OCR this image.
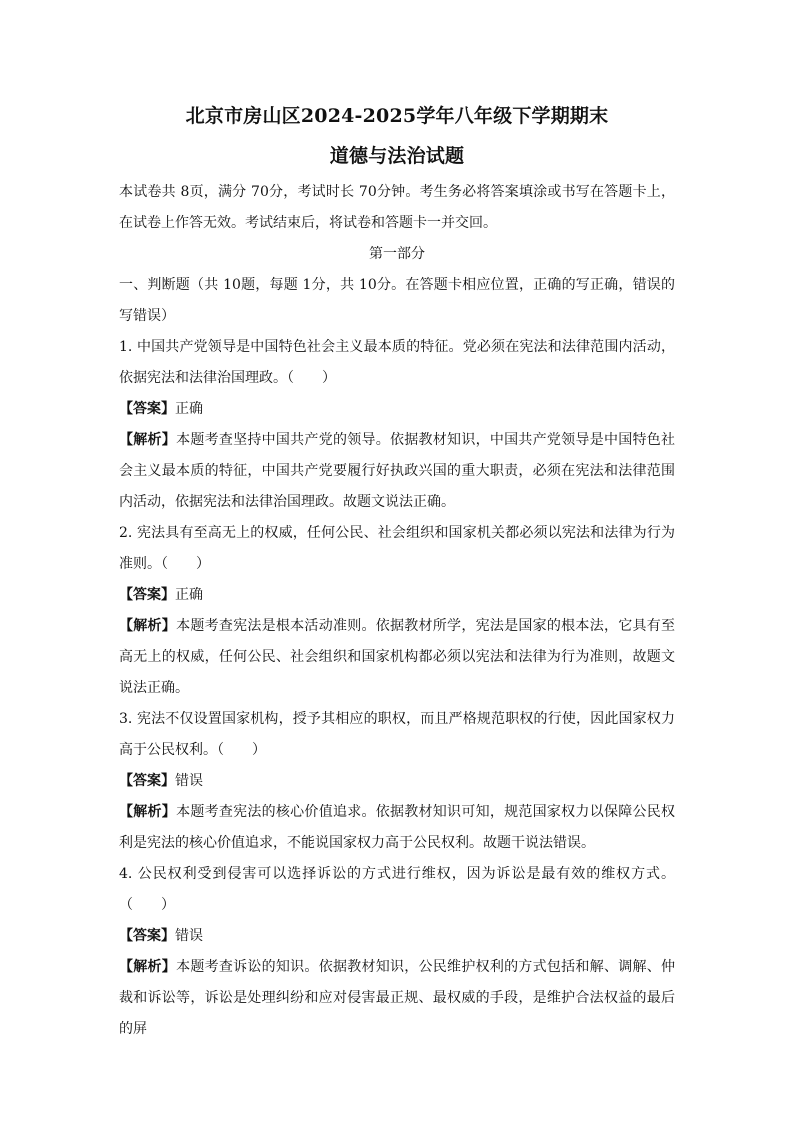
北京市房山区2024-2025学年八年级下学期期末
道德与法治试题

本试卷共 8页，满分 70分，考试时长 70分钟。考生务必将答案填涂或书写在答题卡上，在试卷上作答无效。考试结束后，将试卷和答题卡一并交回。

第一部分

一、判断题（共 10题，每题 1分，共 10分。在答题卡相应位置，正确的写正确，错误的写错误）

1. 中国共产党领导是中国特色社会主义最本质的特征。党必须在宪法和法律范围内活动，依据宪法和法律治国理政。（　　）

【答案】正确

【解析】本题考查坚持中国共产党的领导。依据教材知识，中国共产党领导是中国特色社会主义最本质的特征，中国共产党要履行好执政兴国的重大职责，必须在宪法和法律范围内活动，依据宪法和法律治国理政。故题文说法正确。

2. 宪法具有至高无上的权威，任何公民、社会组织和国家机关都必须以宪法和法律为行为准则。（　　）

【答案】正确

【解析】本题考查宪法是根本活动准则。依据教材所学，宪法是国家的根本法，它具有至高无上的权威，任何公民、社会组织和国家机构都必须以宪法和法律为行为准则，故题文说法正确。

3. 宪法不仅设置国家机构，授予其相应的职权，而且严格规范职权的行使，因此国家权力高于公民权利。（　　）

【答案】错误

【解析】本题考查宪法的核心价值追求。依据教材知识可知，规范国家权力以保障公民权利是宪法的核心价值追求，不能说国家权力高于公民权利。故题干说法错误。

4. 公民权利受到侵害可以选择诉讼的方式进行维权，因为诉讼是最有效的维权方式。（　　）

【答案】错误

【解析】本题考查诉讼的知识。依据教材知识，公民维护权利的方式包括和解、调解、仲裁和诉讼等，诉讼是处理纠纷和应对侵害最正规、最权威的手段，是维护合法权益的最后的屏
